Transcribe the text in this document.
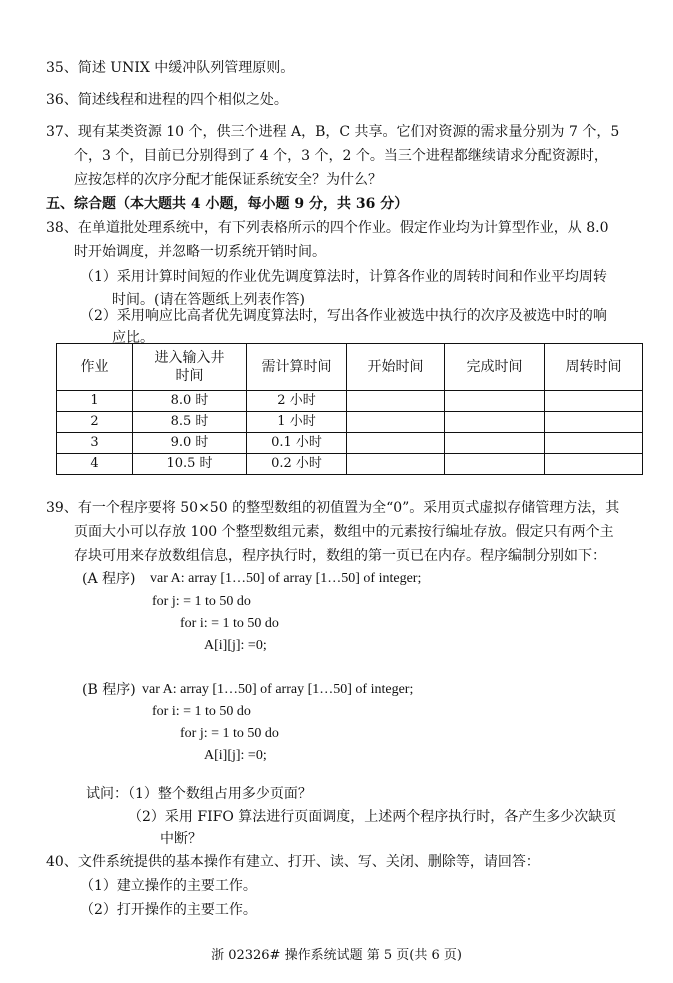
35、简述 UNIX 中缓冲队列管理原则。
36、简述线程和进程的四个相似之处。
37、现有某类资源 10 个，供三个进程 A，B，C 共享。它们对资源的需求量分别为 7 个，5
个，3 个，目前已分别得到了 4 个，3 个，2 个。当三个进程都继续请求分配资源时，
应按怎样的次序分配才能保证系统安全？为什么？
五、综合题（本大题共 4 小题，每小题 9 分，共 36 分）
38、在单道批处理系统中，有下列表格所示的四个作业。假定作业均为计算型作业，从 8.0
时开始调度，并忽略一切系统开销时间。
（1）采用计算时间短的作业优先调度算法时，计算各作业的周转时间和作业平均周转
时间。(请在答题纸上列表作答)
（2）采用响应比高者优先调度算法时，写出各作业被选中执行的次序及被选中时的响
应比。
作业	进入输入井时间	需计算时间	开始时间	完成时间	周转时间
1	8.0 时	2 小时			
2	8.5 时	1 小时			
3	9.0 时	0.1 小时			
4	10.5 时	0.2 小时			
39、有一个程序要将 50×50 的整型数组的初值置为全“0”。采用页式虚拟存储管理方法，其
页面大小可以存放 100 个整型数组元素，数组中的元素按行编址存放。假定只有两个主
存块可用来存放数组信息，程序执行时，数组的第一页已在内存。程序编制分别如下：
(A 程序) var A: array [1…50] of array [1…50] of integer;
for j: = 1 to 50 do
for i: = 1 to 50 do
A[i][j]: =0;
(B 程序) var A: array [1…50] of array [1…50] of integer;
for i: = 1 to 50 do
for j: = 1 to 50 do
A[i][j]: =0;
试问：（1）整个数组占用多少页面？
（2）采用 FIFO 算法进行页面调度，上述两个程序执行时，各产生多少次缺页
中断？
40、文件系统提供的基本操作有建立、打开、读、写、关闭、删除等，请回答：
（1）建立操作的主要工作。
（2）打开操作的主要工作。
浙 02326# 操作系统试题 第 5 页(共 6 页)
